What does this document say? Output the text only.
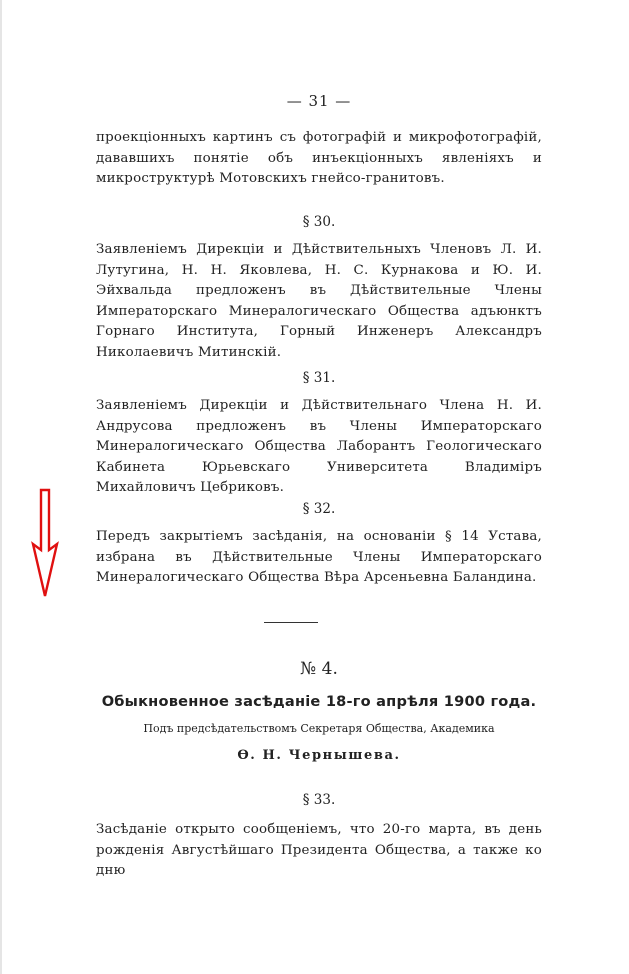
— 31 —
проекціонныхъ картинъ съ фотографій и микрофотографій, дававшихъ понятіе объ инъекціонныхъ явленіяхъ и микроструктурѣ Мотовскихъ гнейсо-гранитовъ.
§ 30.
Заявленіемъ Дирекціи и Дѣйствительныхъ Членовъ Л. И. Лутугина, Н. Н. Яковлева, Н. С. Курнакова и Ю. И. Эйхвальда предложенъ въ Дѣйствительные Члены Императорскаго Минералогическаго Общества адъюнктъ Горнаго Института, Горный Инженеръ Александръ Николаевичъ Митинскій.
§ 31.
Заявленіемъ Дирекціи и Дѣйствительнаго Члена Н. И. Андрусова предложенъ въ Члены Императорскаго Минералогическаго Общества Лаборантъ Геологическаго Кабинета Юрьевскаго Университета Владиміръ Михайловичъ Цебриковъ.
§ 32.
Передъ закрытіемъ засѣданія, на основаніи § 14 Устава, избрана въ Дѣйствительные Члены Императорскаго Минералогическаго Общества Вѣра Арсеньевна Баландина.
№ 4.
Обыкновенное засѣданіе 18-го апрѣля 1900 года.
Подъ предсѣдательствомъ Секретаря Общества, Академика
Ѳ. Н. Чернышева.
§ 33.
Засѣданіе открыто сообщеніемъ, что 20-го марта, въ день рожденія Августѣйшаго Президента Общества, а также ко дню
